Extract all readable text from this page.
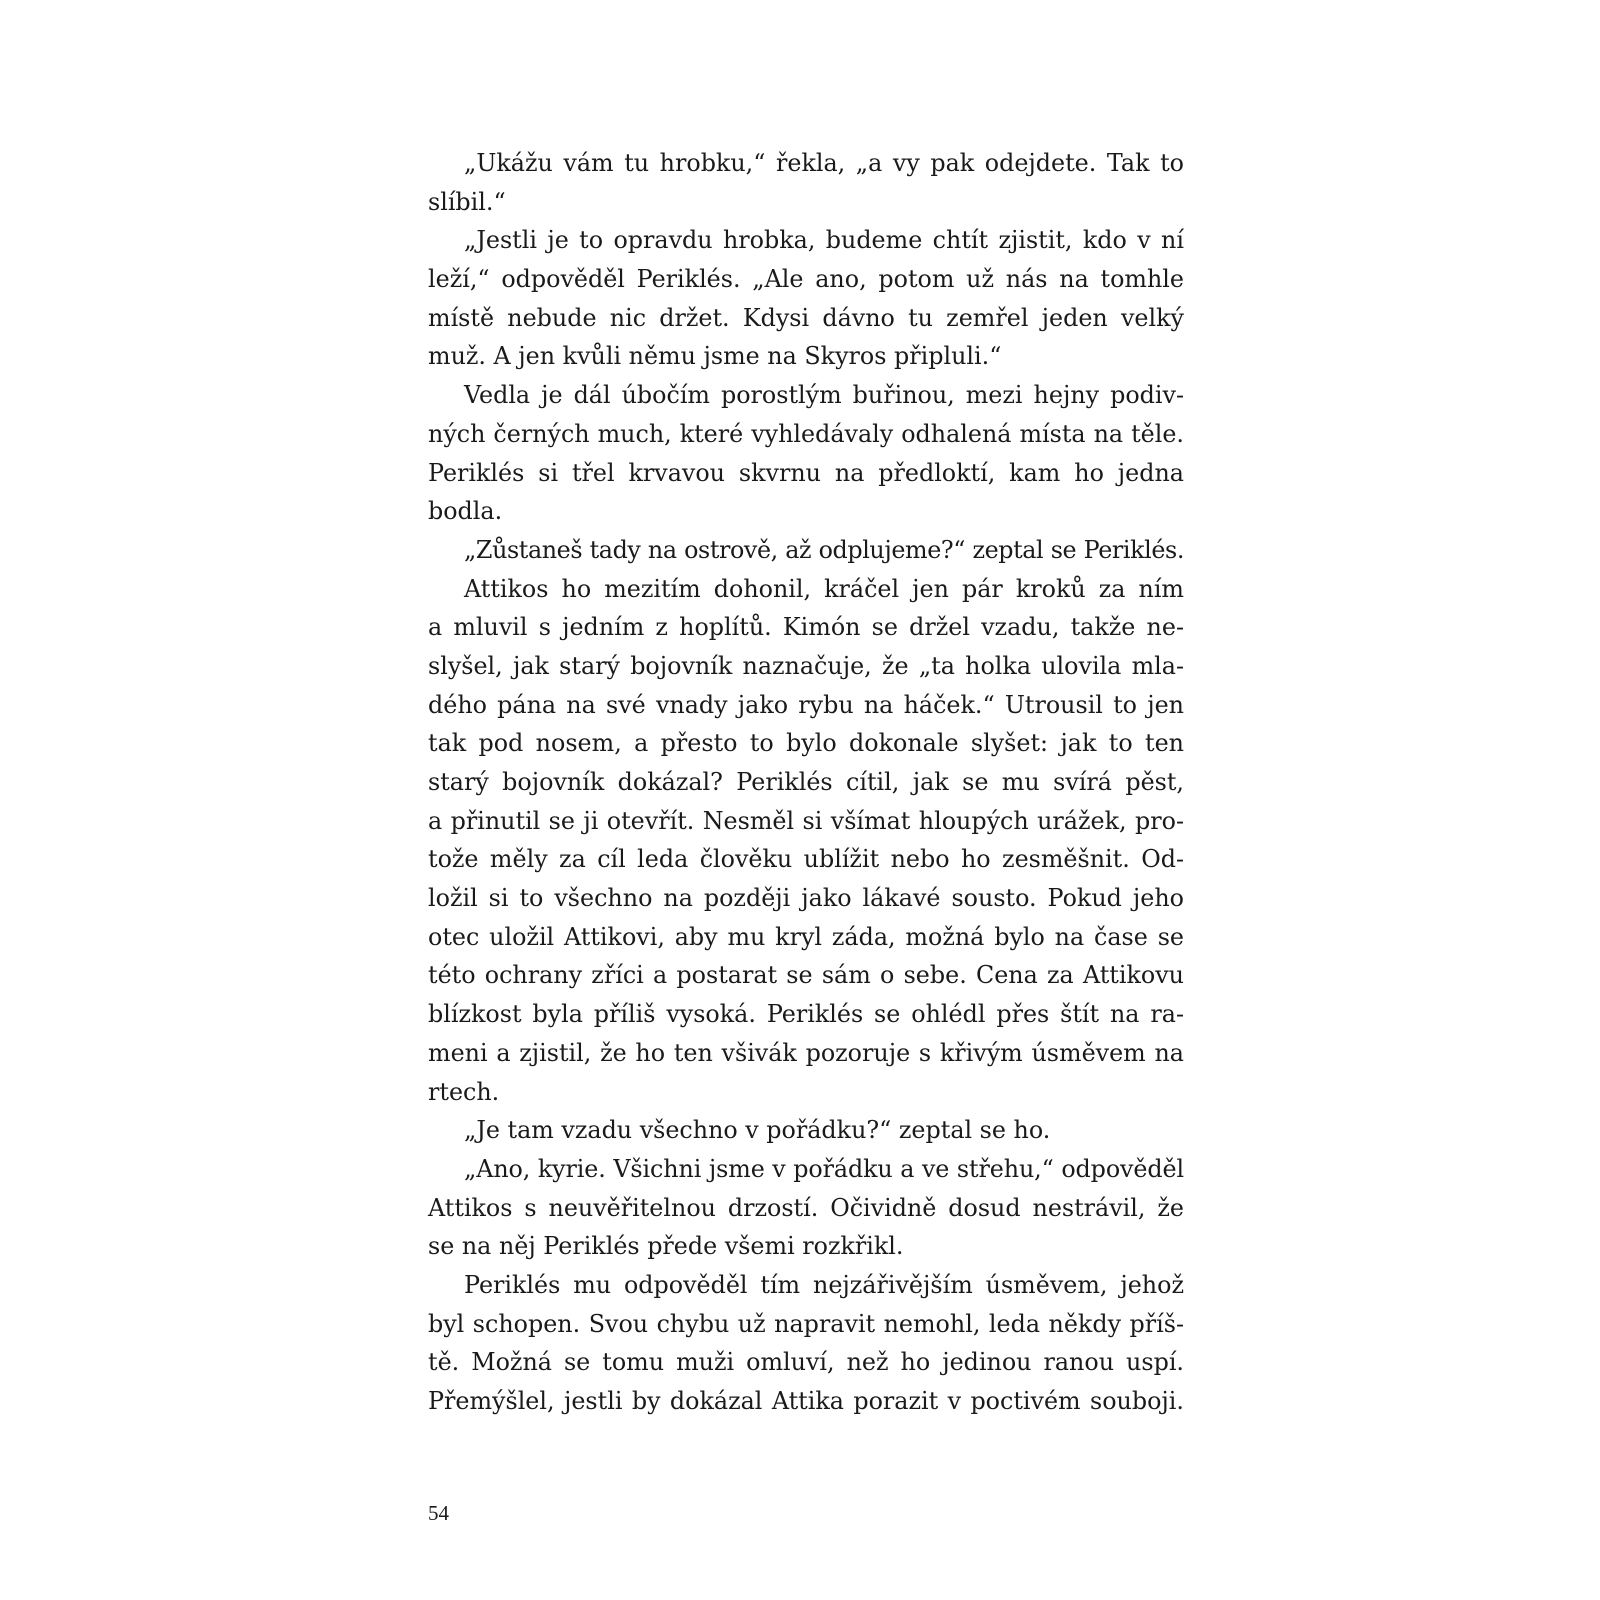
„Ukážu vám tu hrobku,“ řekla, „a vy pak odejdete. Tak to
slíbil.“
„Jestli je to opravdu hrobka, budeme chtít zjistit, kdo v ní
leží,“ odpověděl Periklés. „Ale ano, potom už nás na tomhle
místě nebude nic držet. Kdysi dávno tu zemřel jeden velký
muž. A jen kvůli němu jsme na Skyros připluli.“
Vedla je dál úbočím porostlým buřinou, mezi hejny podiv-
ných černých much, které vyhledávaly odhalená místa na těle.
Periklés si třel krvavou skvrnu na předloktí, kam ho jedna
bodla.
„Zůstaneš tady na ostrově, až odplujeme?“ zeptal se Periklés.
Attikos ho mezitím dohonil, kráčel jen pár kroků za ním
a mluvil s jedním z hoplítů. Kimón se držel vzadu, takže ne-
slyšel, jak starý bojovník naznačuje, že „ta holka ulovila mla-
dého pána na své vnady jako rybu na háček.“ Utrousil to jen
tak pod nosem, a přesto to bylo dokonale slyšet: jak to ten
starý bojovník dokázal? Periklés cítil, jak se mu svírá pěst,
a přinutil se ji otevřít. Nesměl si všímat hloupých urážek, pro-
tože měly za cíl leda člověku ublížit nebo ho zesměšnit. Od-
ložil si to všechno na později jako lákavé sousto. Pokud jeho
otec uložil Attikovi, aby mu kryl záda, možná bylo na čase se
této ochrany zříci a postarat se sám o sebe. Cena za Attikovu
blízkost byla příliš vysoká. Periklés se ohlédl přes štít na ra-
meni a zjistil, že ho ten všivák pozoruje s křivým úsměvem na
rtech.
„Je tam vzadu všechno v pořádku?“ zeptal se ho.
„Ano, kyrie. Všichni jsme v pořádku a ve střehu,“ odpověděl
Attikos s neuvěřitelnou drzostí. Očividně dosud nestrávil, že
se na něj Periklés přede všemi rozkřikl.
Periklés mu odpověděl tím nejzářivějším úsměvem, jehož
byl schopen. Svou chybu už napravit nemohl, leda někdy příš-
tě. Možná se tomu muži omluví, než ho jedinou ranou uspí.
Přemýšlel, jestli by dokázal Attika porazit v poctivém souboji.
54
